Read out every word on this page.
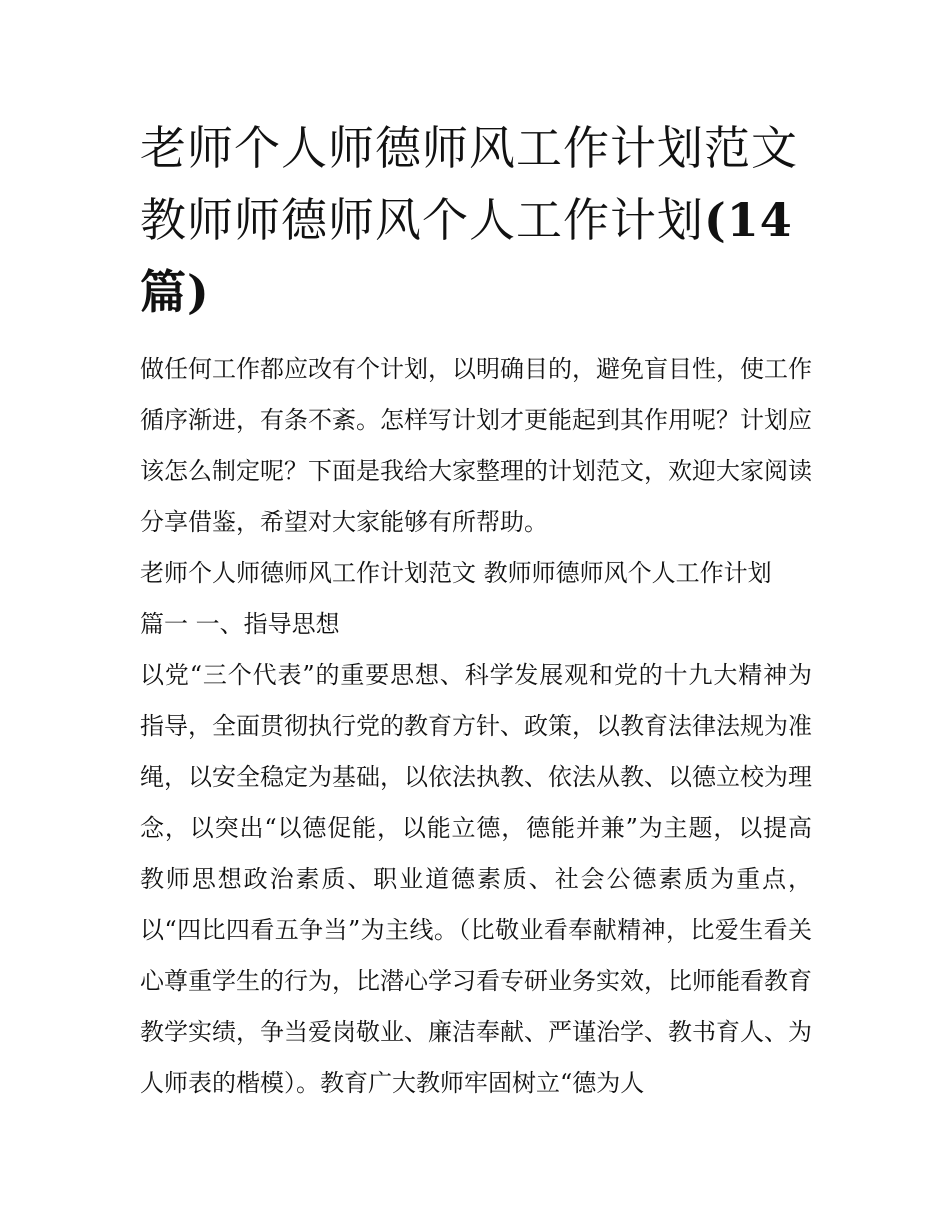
老师个人师德师风工作计划范文 教师师德师风个人工作计划(14篇)

做任何工作都应改有个计划，以明确目的，避免盲目性，使工作循序渐进，有条不紊。怎样写计划才更能起到其作用呢？计划应该怎么制定呢？下面是我给大家整理的计划范文，欢迎大家阅读分享借鉴，希望对大家能够有所帮助。

老师个人师德师风工作计划范文 教师师德师风个人工作计划

篇一 一、指导思想

以党“三个代表”的重要思想、科学发展观和党的十九大精神为指导，全面贯彻执行党的教育方针、政策，以教育法律法规为准绳，以安全稳定为基础，以依法执教、依法从教、以德立校为理念，以突出“以德促能，以能立德，德能并兼”为主题，以提高教师思想政治素质、职业道德素质、社会公德素质为重点，以“四比四看五争当”为主线。（比敬业看奉献精神，比爱生看关心尊重学生的行为，比潜心学习看专研业务实效，比师能看教育教学实绩，争当爱岗敬业、廉洁奉献、严谨治学、教书育人、为人师表的楷模）。教育广大教师牢固树立“德为人
